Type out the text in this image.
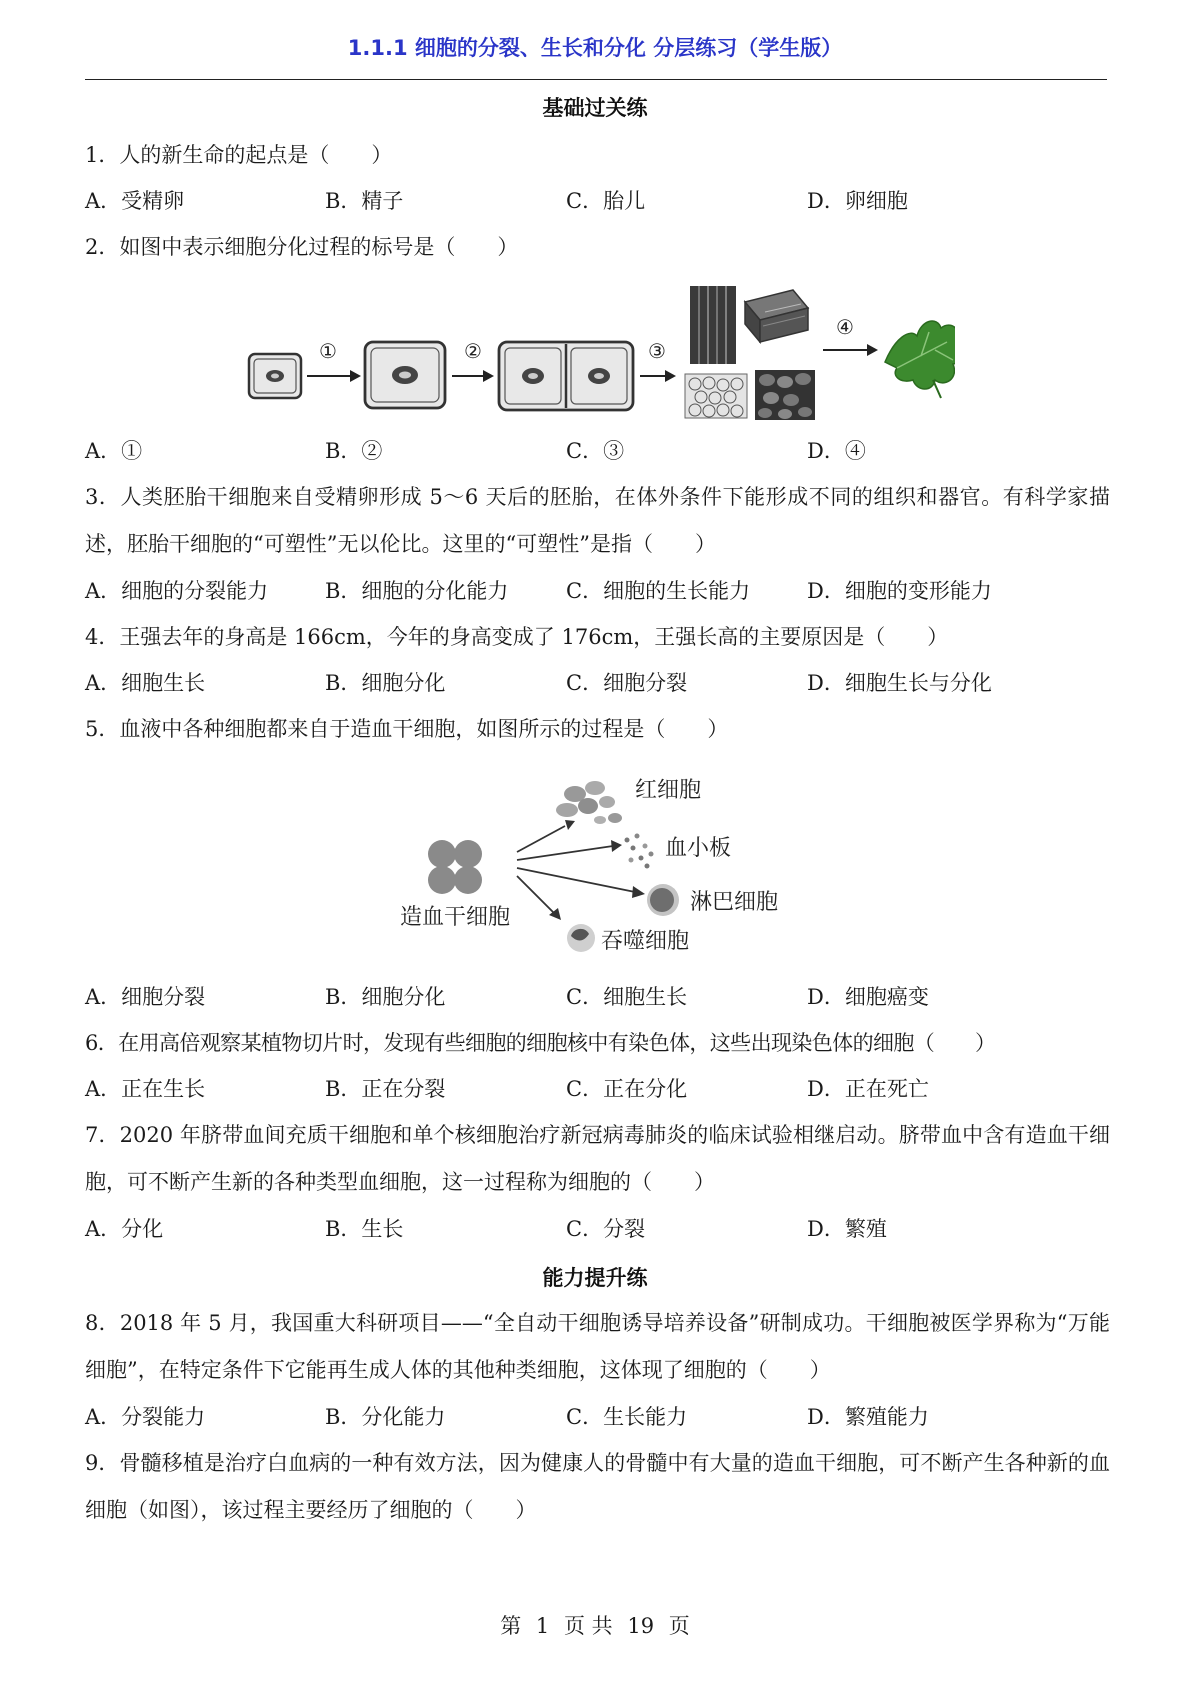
1.1.1 细胞的分裂、生长和分化 分层练习（学生版）
基础过关练
1．人的新生命的起点是（　　）
A．受精卵	B．精子	C．胎儿	D．卵细胞
2．如图中表示细胞分化过程的标号是（　　）
①	②	③
④
A．①	B．②	C．③	D．④
3．人类胚胎干细胞来自受精卵形成 5～6 天后的胚胎，在体外条件下能形成不同的组织和器官。有科学家描述，胚胎干细胞的“可塑性”无以伦比。这里的“可塑性”是指（　　）
A．细胞的分裂能力	B．细胞的分化能力	C．细胞的生长能力	D．细胞的变形能力
4．王强去年的身高是 166cm，今年的身高变成了 176cm，王强长高的主要原因是（　　）
A．细胞生长	B．细胞分化	C．细胞分裂	D．细胞生长与分化
5．血液中各种细胞都来自于造血干细胞，如图所示的过程是（　　）
造血干细胞
红细胞
血小板
淋巴细胞
吞噬细胞
A．细胞分裂	B．细胞分化	C．细胞生长	D．细胞癌变
6．在用高倍观察某植物切片时，发现有些细胞的细胞核中有染色体，这些出现染色体的细胞（　　）
A．正在生长	B．正在分裂	C．正在分化	D．正在死亡
7．2020 年脐带血间充质干细胞和单个核细胞治疗新冠病毒肺炎的临床试验相继启动。脐带血中含有造血干细胞，可不断产生新的各种类型血细胞，这一过程称为细胞的（　　）
A．分化	B．生长	C．分裂	D．繁殖
能力提升练
8．2018 年 5 月，我国重大科研项目——“全自动干细胞诱导培养设备”研制成功。干细胞被医学界称为“万能细胞”，在特定条件下它能再生成人体的其他种类细胞，这体现了细胞的（　　）
A．分裂能力	B．分化能力	C．生长能力	D．繁殖能力
9．骨髓移植是治疗白血病的一种有效方法，因为健康人的骨髓中有大量的造血干细胞，可不断产生各种新的血细胞（如图），该过程主要经历了细胞的（　　）
第 1 页 共 19 页
